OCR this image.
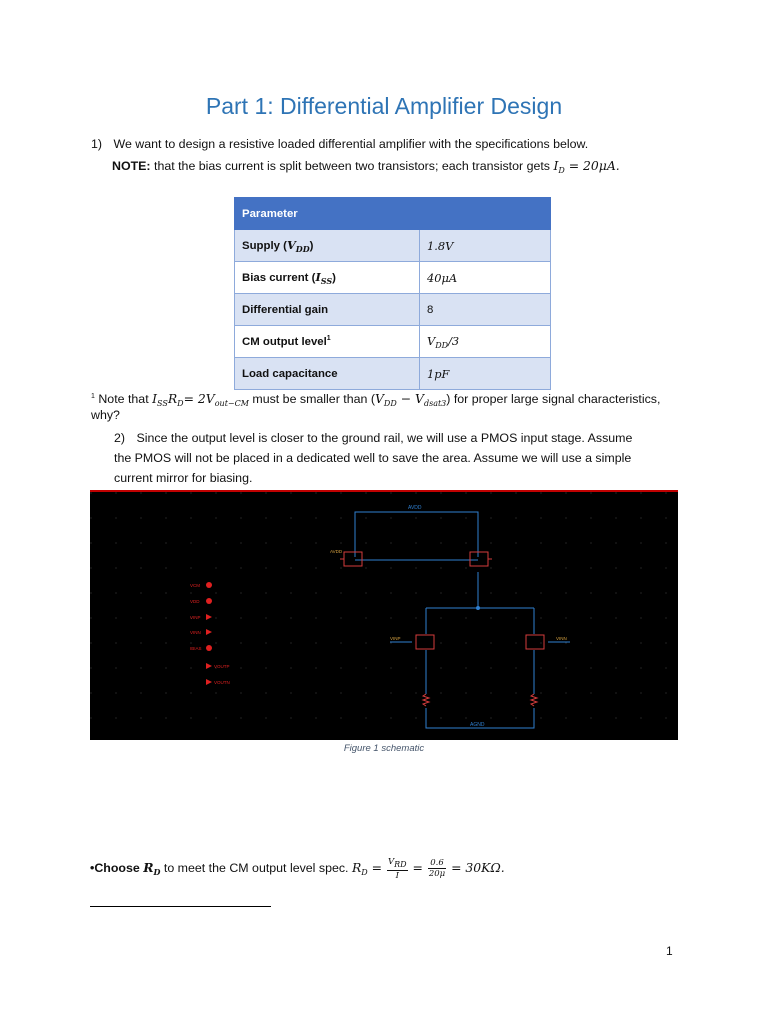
Part 1: Differential Amplifier Design
1) We want to design a resistive loaded differential amplifier with the specifications below.
NOTE: that the bias current is split between two transistors; each transistor gets $I_D = 20\mu A$.
Parameter	
Supply $(V_{DD})$	1.8V
Bias current $(I_{SS})$	40μA
Differential gain	8
CM output level$^1$	$V_{DD}/3$
Load capacitance	1pF
$^1$ Note that $I_{SS}R_D= 2V_{out-CM}$ must be smaller than $(V_{DD} - V_{dsat3})$ for proper large signal characteristics,
why?
2) Since the output level is closer to the ground rail, we will use a PMOS input stage. Assume
the PMOS will not be placed in a dedicated well to save the area. Assume we will use a simple
current mirror for biasing.
AVDD
AGND
AVDD
VINP	VINN
VCM
VDD
VINP
VINN
IBIAS
VOUTP
VOUTN
Figure 1 schematic
•Choose $R_D$ to meet the CM output level spec. $R_D = \frac{V_{RD}}{I} = \frac{0.6}{20\mu} = 30K\Omega$.
1
